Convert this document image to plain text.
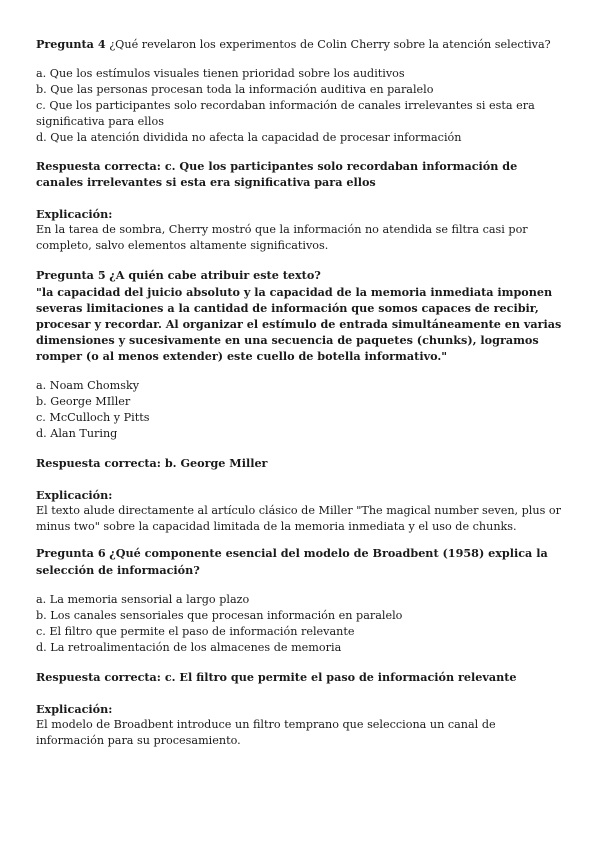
Pregunta 4 ¿Qué revelaron los experimentos de Colin Cherry sobre la atención selectiva?

a. Que los estímulos visuales tienen prioridad sobre los auditivos

b. Que las personas procesan toda la información auditiva en paralelo

c. Que los participantes solo recordaban información de canales irrelevantes si esta era significativa para ellos

d. Que la atención dividida no afecta la capacidad de procesar información

Respuesta correcta: c. Que los participantes solo recordaban información de canales irrelevantes si esta era significativa para ellos

Explicación:

En la tarea de sombra, Cherry mostró que la información no atendida se filtra casi por completo, salvo elementos altamente significativos.

Pregunta 5 ¿A quién cabe atribuir este texto?

"la capacidad del juicio absoluto y la capacidad de la memoria inmediata imponen severas limitaciones a la cantidad de información que somos capaces de recibir, procesar y recordar. Al organizar el estímulo de entrada simultáneamente en varias dimensiones y sucesivamente en una secuencia de paquetes (chunks), logramos romper (o al menos extender) este cuello de botella informativo."

a. Noam Chomsky

b. George MIller

c. McCulloch y Pitts

d. Alan Turing

Respuesta correcta: b. George Miller

Explicación:

El texto alude directamente al artículo clásico de Miller "The magical number seven, plus or minus two" sobre la capacidad limitada de la memoria inmediata y el uso de chunks.

Pregunta 6 ¿Qué componente esencial del modelo de Broadbent (1958) explica la selección de información?

a. La memoria sensorial a largo plazo

b. Los canales sensoriales que procesan información en paralelo

c. El filtro que permite el paso de información relevante

d. La retroalimentación de los almacenes de memoria

Respuesta correcta: c. El filtro que permite el paso de información relevante

Explicación:

El modelo de Broadbent introduce un filtro temprano que selecciona un canal de información para su procesamiento.
